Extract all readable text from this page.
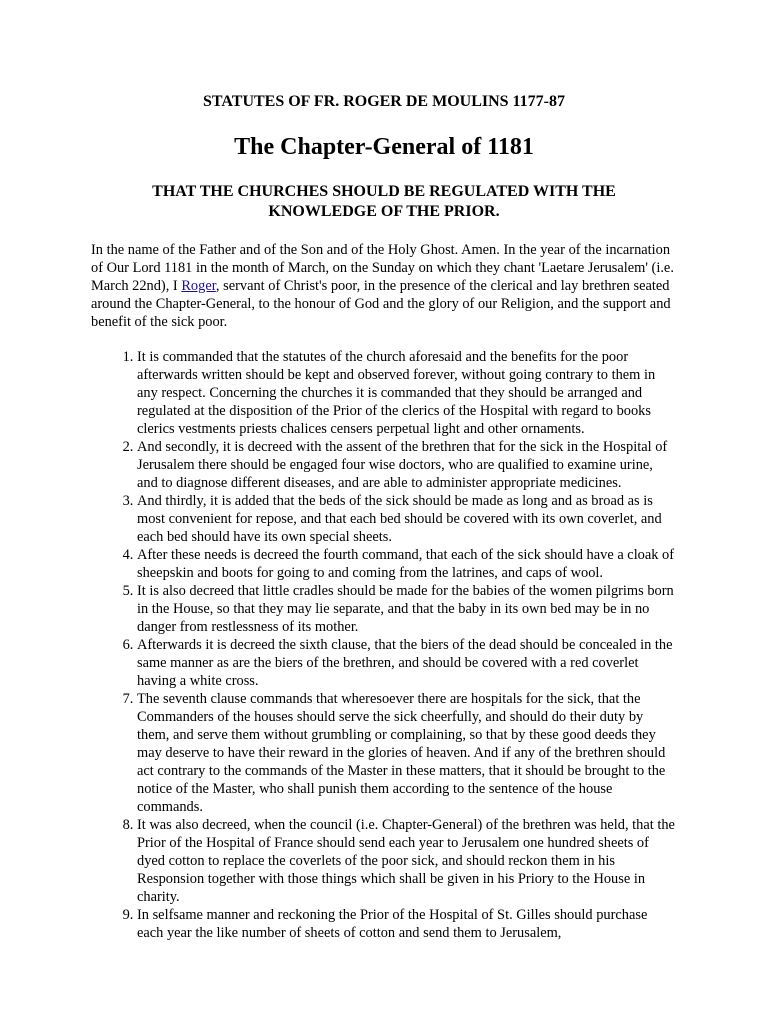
STATUTES OF FR. ROGER DE MOULINS 1177-87
The Chapter-General of 1181
THAT THE CHURCHES SHOULD BE REGULATED WITH THE KNOWLEDGE OF THE PRIOR.

In the name of the Father and of the Son and of the Holy Ghost. Amen. In the year of the incarnation of Our Lord 1181 in the month of March, on the Sunday on which they chant 'Laetare Jerusalem' (i.e. March 22nd), I Roger, servant of Christ's poor, in the presence of the clerical and lay brethren seated around the Chapter-General, to the honour of God and the glory of our Religion, and the support and benefit of the sick poor.

1. It is commanded that the statutes of the church aforesaid and the benefits for the poor afterwards written should be kept and observed forever, without going contrary to them in any respect. Concerning the churches it is commanded that they should be arranged and regulated at the disposition of the Prior of the clerics of the Hospital with regard to books clerics vestments priests chalices censers perpetual light and other ornaments.
2. And secondly, it is decreed with the assent of the brethren that for the sick in the Hospital of Jerusalem there should be engaged four wise doctors, who are qualified to examine urine, and to diagnose different diseases, and are able to administer appropriate medicines.
3. And thirdly, it is added that the beds of the sick should be made as long and as broad as is most convenient for repose, and that each bed should be covered with its own coverlet, and each bed should have its own special sheets.
4. After these needs is decreed the fourth command, that each of the sick should have a cloak of sheepskin and boots for going to and coming from the latrines, and caps of wool.
5. It is also decreed that little cradles should be made for the babies of the women pilgrims born in the House, so that they may lie separate, and that the baby in its own bed may be in no danger from restlessness of its mother.
6. Afterwards it is decreed the sixth clause, that the biers of the dead should be concealed in the same manner as are the biers of the brethren, and should be covered with a red coverlet having a white cross.
7. The seventh clause commands that wheresoever there are hospitals for the sick, that the Commanders of the houses should serve the sick cheerfully, and should do their duty by them, and serve them without grumbling or complaining, so that by these good deeds they may deserve to have their reward in the glories of heaven. And if any of the brethren should act contrary to the commands of the Master in these matters, that it should be brought to the notice of the Master, who shall punish them according to the sentence of the house commands.
8. It was also decreed, when the council (i.e. Chapter-General) of the brethren was held, that the Prior of the Hospital of France should send each year to Jerusalem one hundred sheets of dyed cotton to replace the coverlets of the poor sick, and should reckon them in his Responsion together with those things which shall be given in his Priory to the House in charity.
9. In selfsame manner and reckoning the Prior of the Hospital of St. Gilles should purchase each year the like number of sheets of cotton and send them to Jerusalem,
